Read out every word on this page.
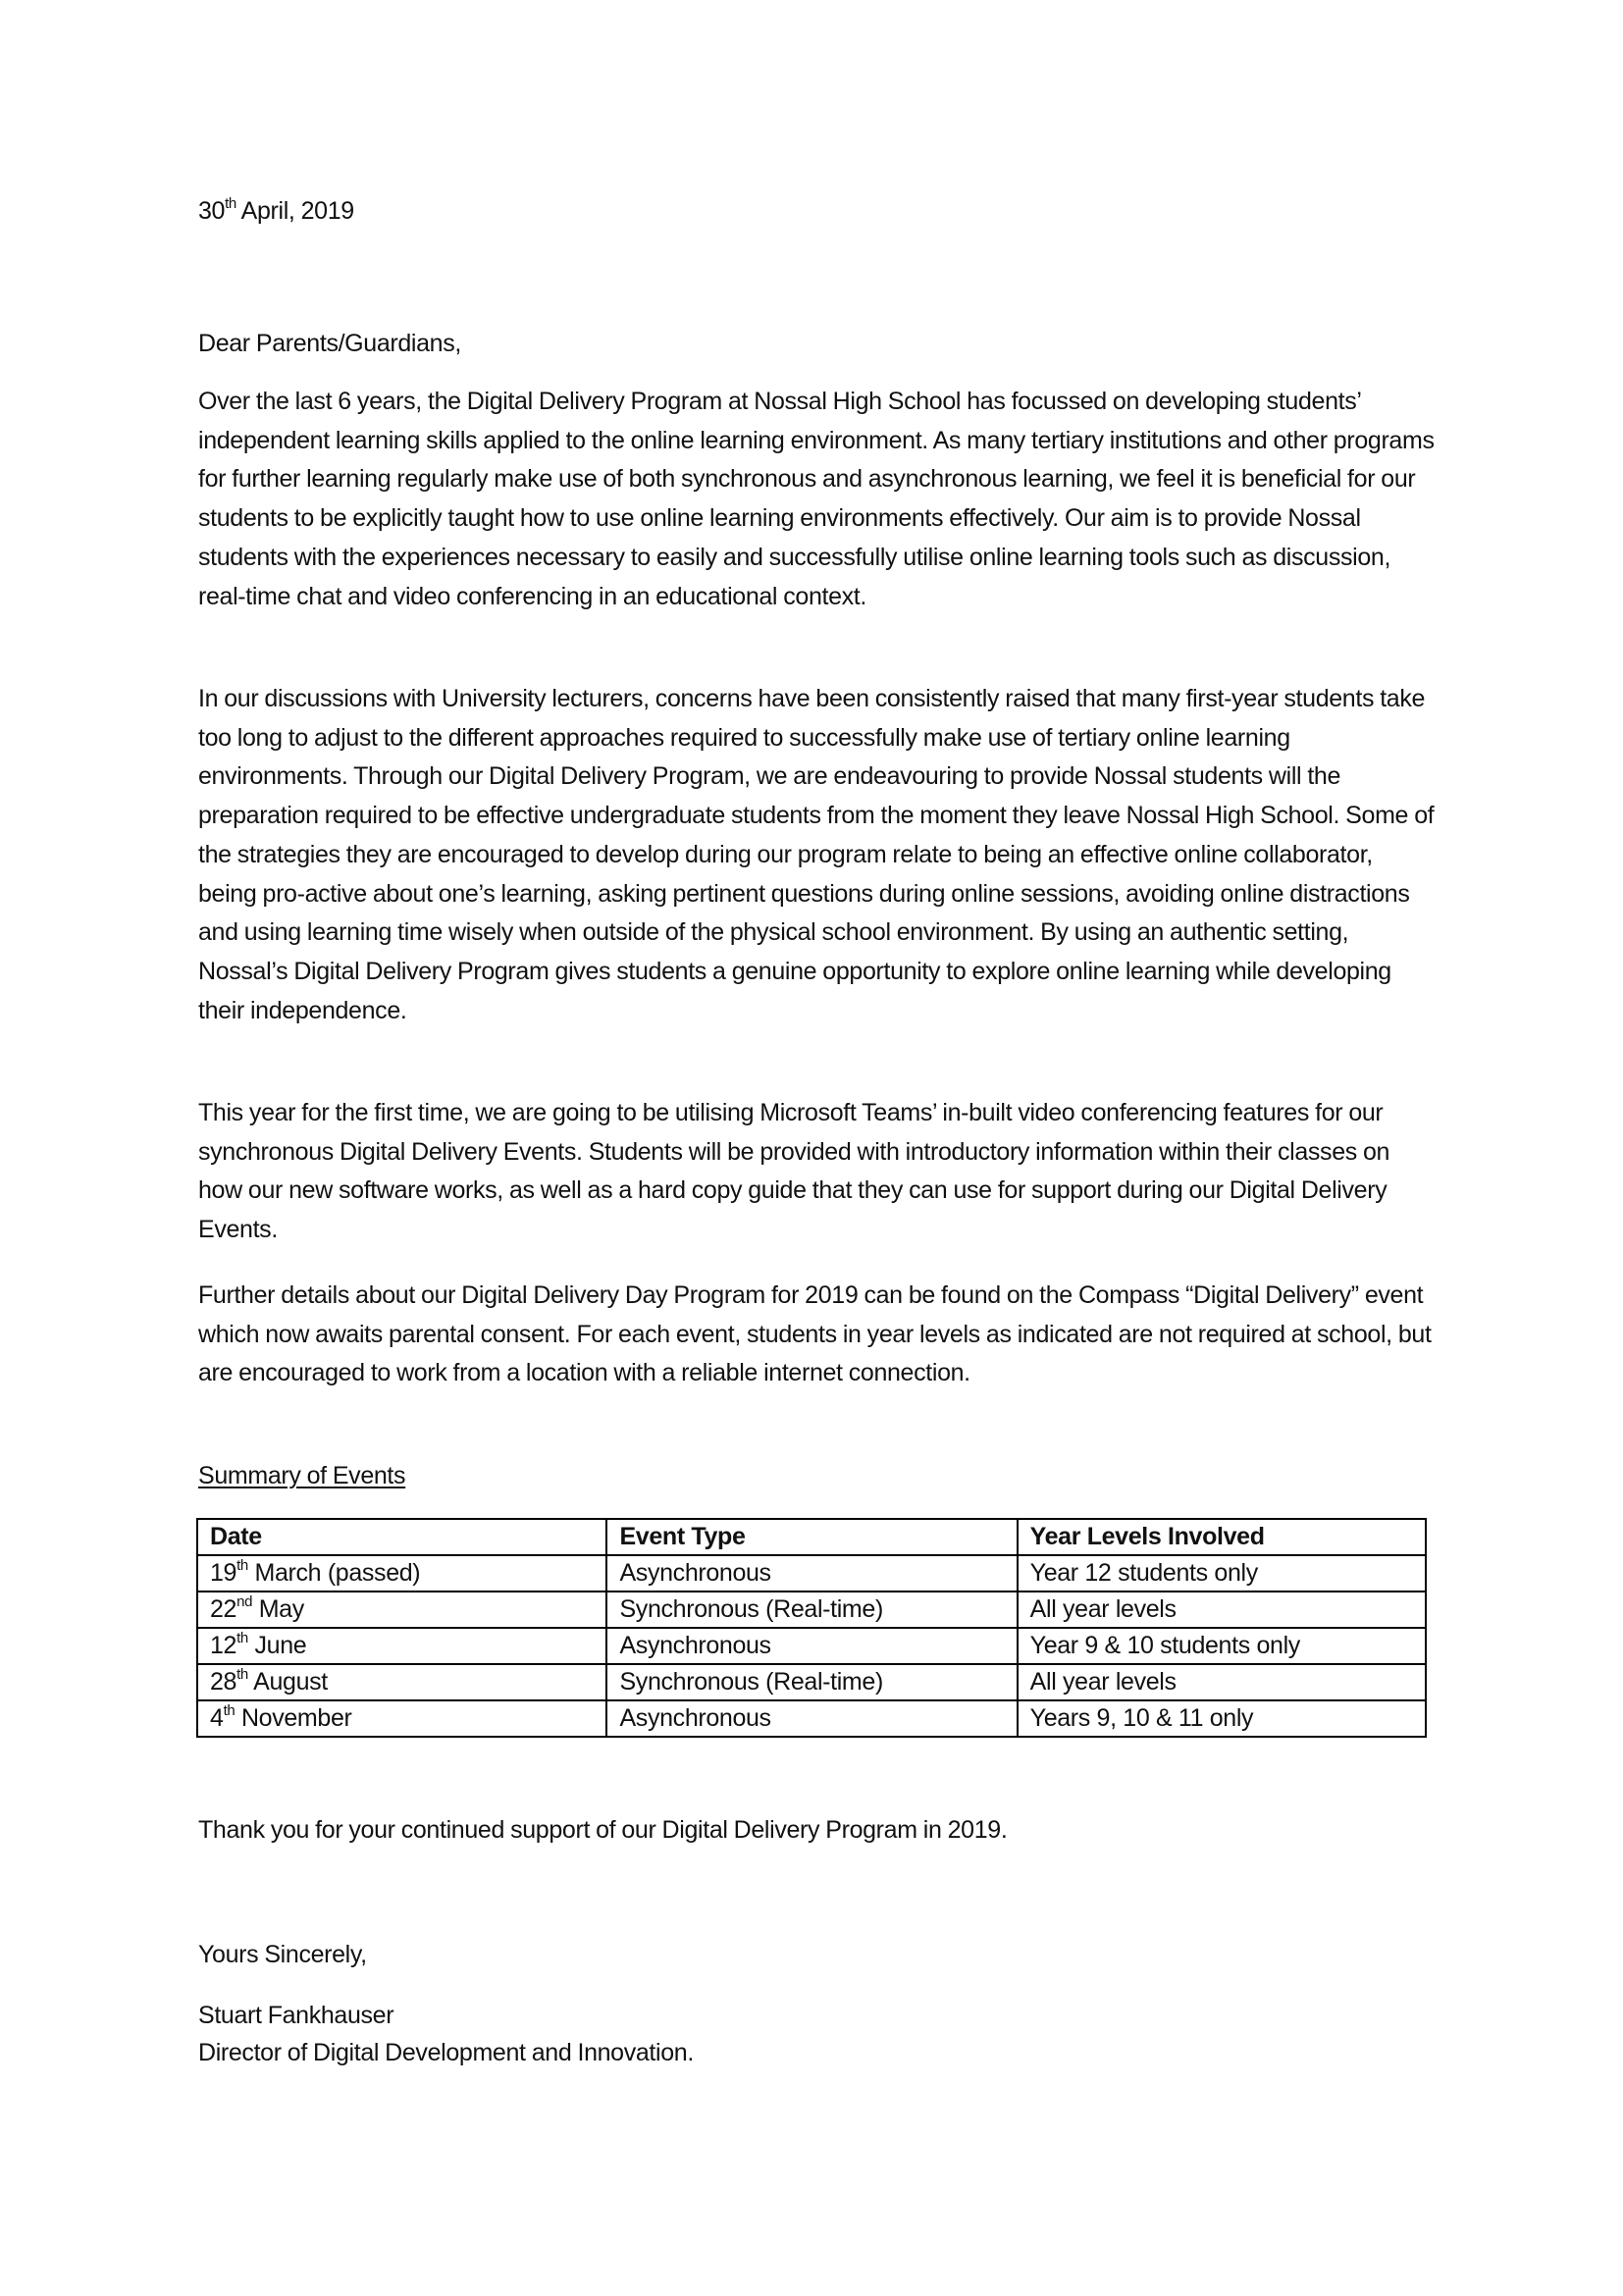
30th April, 2019

Dear Parents/Guardians,

Over the last 6 years, the Digital Delivery Program at Nossal High School has focussed on developing students’ independent learning skills applied to the online learning environment. As many tertiary institutions and other programs for further learning regularly make use of both synchronous and asynchronous learning, we feel it is beneficial for our students to be explicitly taught how to use online learning environments effectively. Our aim is to provide Nossal students with the experiences necessary to easily and successfully utilise online learning tools such as discussion, real-time chat and video conferencing in an educational context.

In our discussions with University lecturers, concerns have been consistently raised that many first-year students take too long to adjust to the different approaches required to successfully make use of tertiary online learning environments. Through our Digital Delivery Program, we are endeavouring to provide Nossal students will the preparation required to be effective undergraduate students from the moment they leave Nossal High School. Some of the strategies they are encouraged to develop during our program relate to being an effective online collaborator, being pro-active about one’s learning, asking pertinent questions during online sessions, avoiding online distractions and using learning time wisely when outside of the physical school environment. By using an authentic setting, Nossal’s Digital Delivery Program gives students a genuine opportunity to explore online learning while developing their independence.

This year for the first time, we are going to be utilising Microsoft Teams’ in-built video conferencing features for our synchronous Digital Delivery Events. Students will be provided with introductory information within their classes on how our new software works, as well as a hard copy guide that they can use for support during our Digital Delivery Events.

Further details about our Digital Delivery Day Program for 2019 can be found on the Compass “Digital Delivery” event which now awaits parental consent. For each event, students in year levels as indicated are not required at school, but are encouraged to work from a location with a reliable internet connection.

Summary of Events

Date	Event Type	Year Levels Involved
19th March (passed)	Asynchronous	Year 12 students only
22nd May	Synchronous (Real-time)	All year levels
12th June	Asynchronous	Year 9 & 10 students only
28th August	Synchronous (Real-time)	All year levels
4th November	Asynchronous	Years 9, 10 & 11 only

Thank you for your continued support of our Digital Delivery Program in 2019.

Yours Sincerely,

Stuart Fankhauser

Director of Digital Development and Innovation.
